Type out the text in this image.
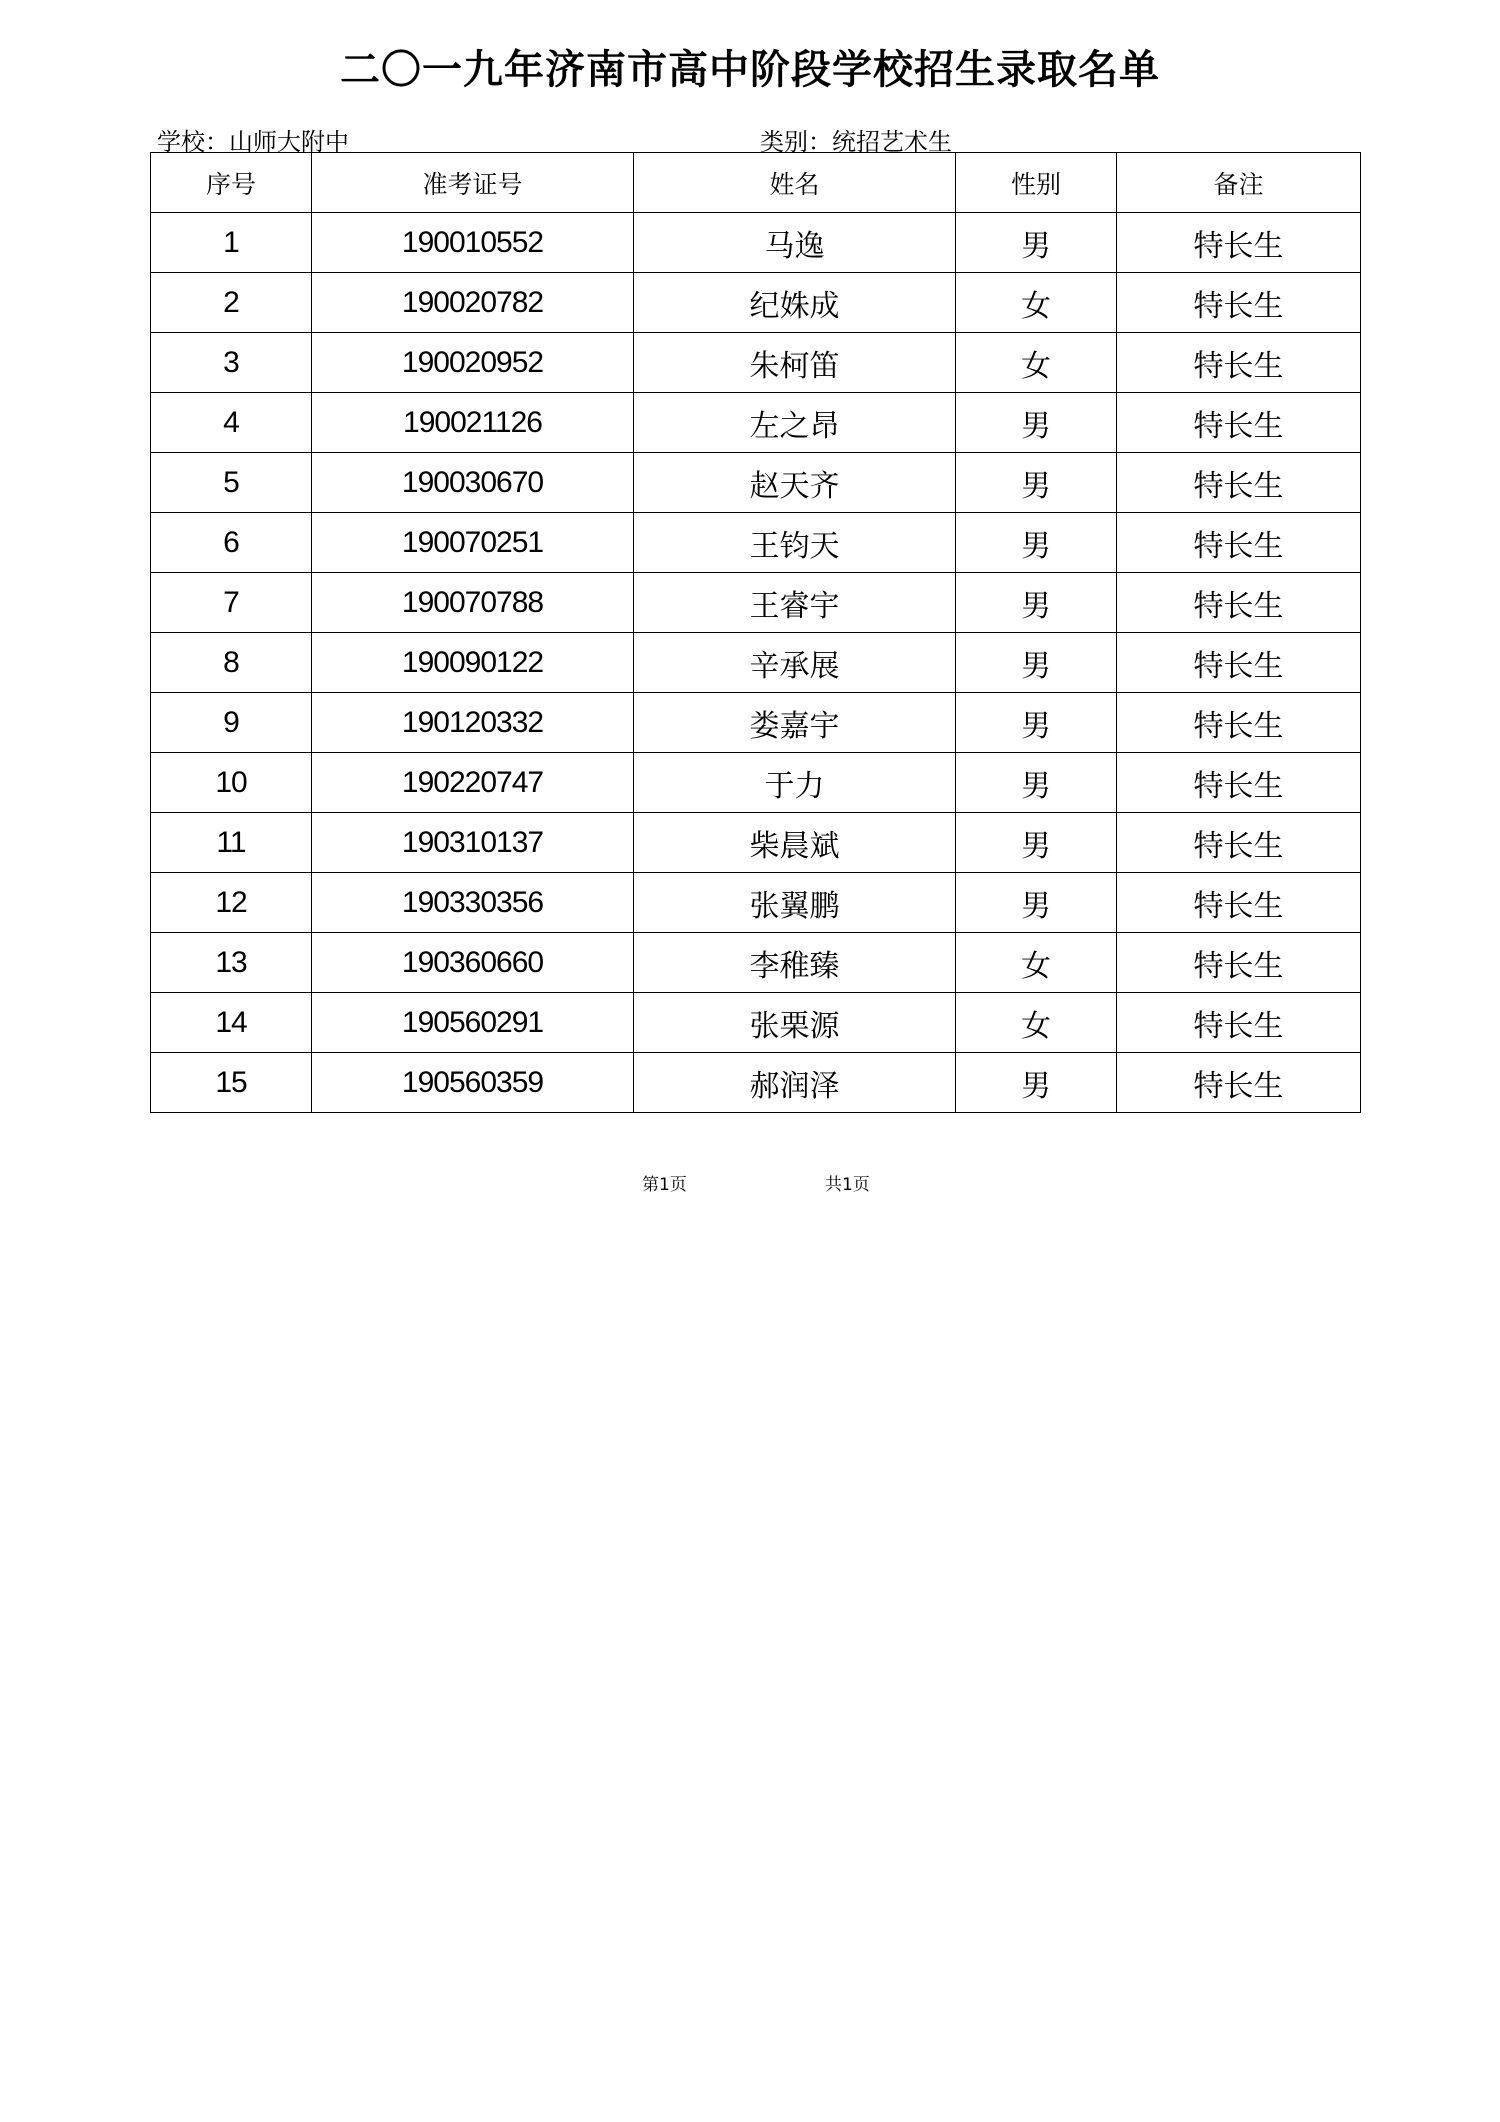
二〇一九年济南市高中阶段学校招生录取名单
学校：山师大附中	类别：统招艺术生
序号	准考证号	姓名	性别	备注
1	190010552	马逸	男	特长生
2	190020782	纪姝成	女	特长生
3	190020952	朱柯笛	女	特长生
4	190021126	左之昂	男	特长生
5	190030670	赵天齐	男	特长生
6	190070251	王钧天	男	特长生
7	190070788	王睿宇	男	特长生
8	190090122	辛承展	男	特长生
9	190120332	娄嘉宇	男	特长生
10	190220747	于力	男	特长生
11	190310137	柴晨斌	男	特长生
12	190330356	张翼鹏	男	特长生
13	190360660	李稚臻	女	特长生
14	190560291	张栗源	女	特长生
15	190560359	郝润泽	男	特长生
第1页	共1页
